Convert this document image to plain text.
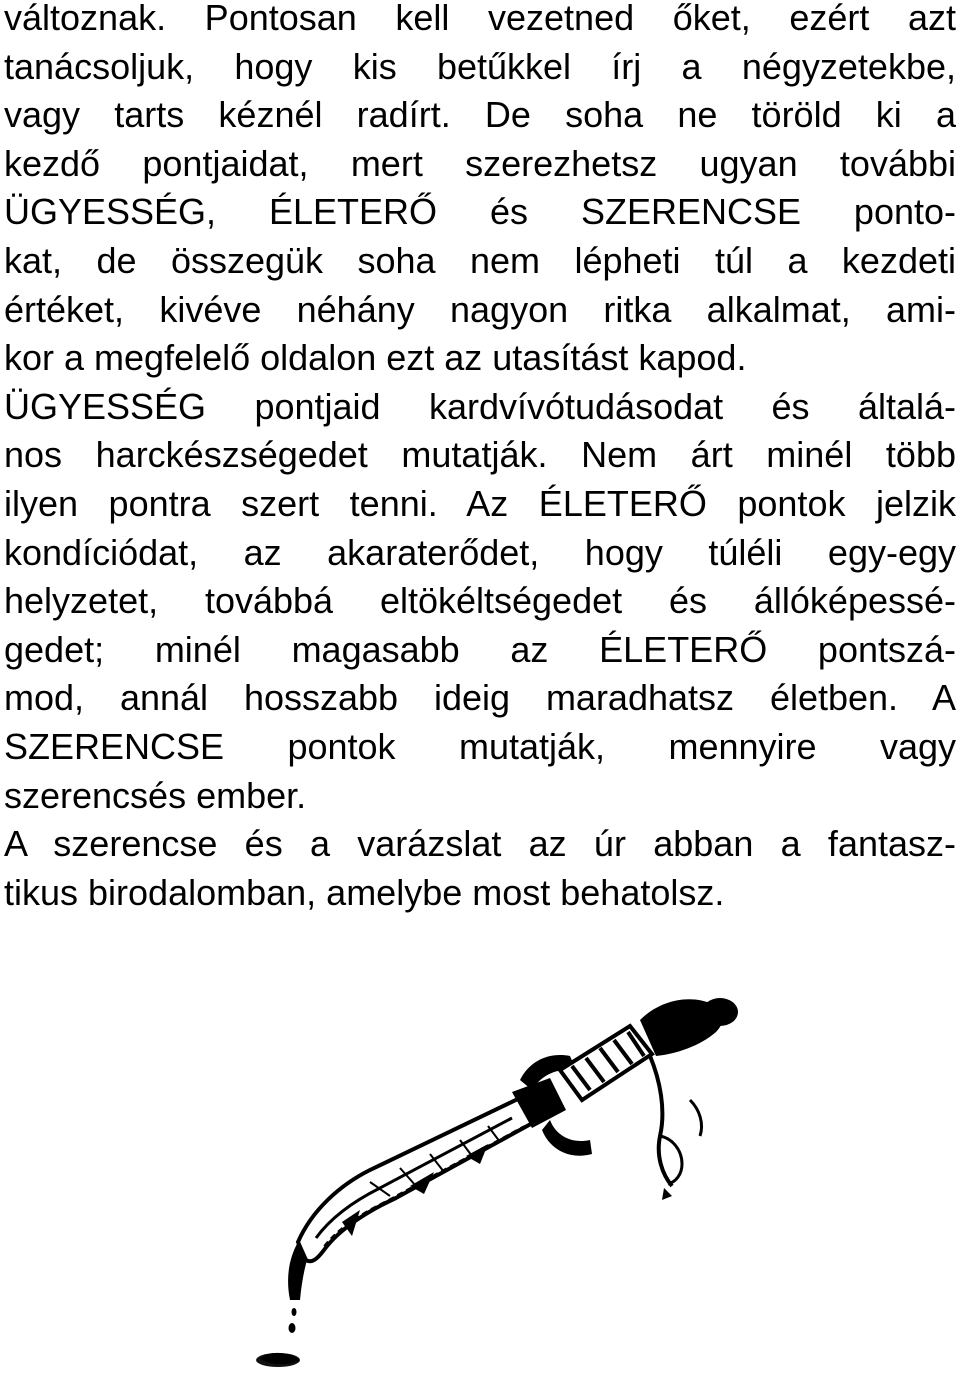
változnak. Pontosan kell vezetned őket, ezért azt
tanácsoljuk, hogy kis betűkkel írj a négyzetekbe,
vagy tarts kéznél radírt. De soha ne töröld ki a
kezdő pontjaidat, mert szerezhetsz ugyan további
ÜGYESSÉG, ÉLETERŐ és SZERENCSE ponto-
kat, de összegük soha nem lépheti túl a kezdeti
értéket, kivéve néhány nagyon ritka alkalmat, ami-
kor a megfelelő oldalon ezt az utasítást kapod.
ÜGYESSÉG pontjaid kardvívótudásodat és általá-
nos harckészségedet mutatják. Nem árt minél több
ilyen pontra szert tenni. Az ÉLETERŐ pontok jelzik
kondíciódat, az akaraterődet, hogy túléli egy-egy
helyzetet, továbbá eltökéltségedet és állóképessé-
gedet; minél magasabb az ÉLETERŐ pontszá-
mod, annál hosszabb ideig maradhatsz életben. A
SZERENCSE pontok mutatják, mennyire vagy
szerencsés ember.
A szerencse és a varázslat az úr abban a fantasz-
tikus birodalomban, amelybe most behatolsz.
